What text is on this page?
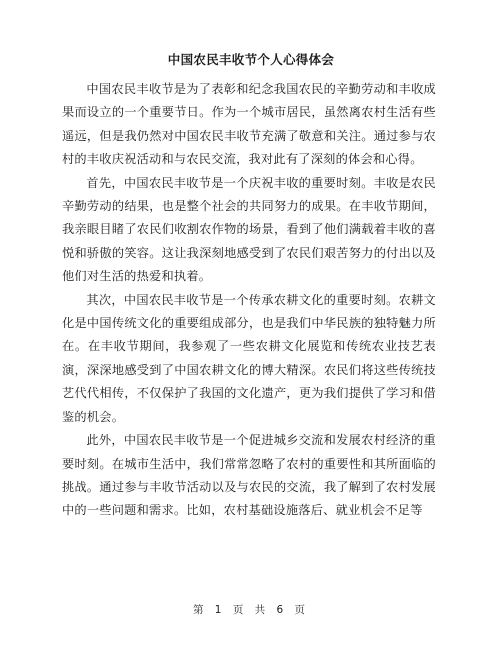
中国农民丰收节个人心得体会

中国农民丰收节是为了表彰和纪念我国农民的辛勤劳动和丰收成果而设立的一个重要节日。作为一个城市居民，虽然离农村生活有些遥远，但是我仍然对中国农民丰收节充满了敬意和关注。通过参与农村的丰收庆祝活动和与农民交流，我对此有了深刻的体会和心得。

首先，中国农民丰收节是一个庆祝丰收的重要时刻。丰收是农民辛勤劳动的结果，也是整个社会的共同努力的成果。在丰收节期间，我亲眼目睹了农民们收割农作物的场景，看到了他们满载着丰收的喜悦和骄傲的笑容。这让我深刻地感受到了农民们艰苦努力的付出以及他们对生活的热爱和执着。

其次，中国农民丰收节是一个传承农耕文化的重要时刻。农耕文化是中国传统文化的重要组成部分，也是我们中华民族的独特魅力所在。在丰收节期间，我参观了一些农耕文化展览和传统农业技艺表演，深深地感受到了中国农耕文化的博大精深。农民们将这些传统技艺代代相传，不仅保护了我国的文化遗产，更为我们提供了学习和借鉴的机会。

此外，中国农民丰收节是一个促进城乡交流和发展农村经济的重要时刻。在城市生活中，我们常常忽略了农村的重要性和其所面临的挑战。通过参与丰收节活动以及与农民的交流，我了解到了农村发展中的一些问题和需求。比如，农村基础设施落后、就业机会不足等

第 1 页 共 6 页
